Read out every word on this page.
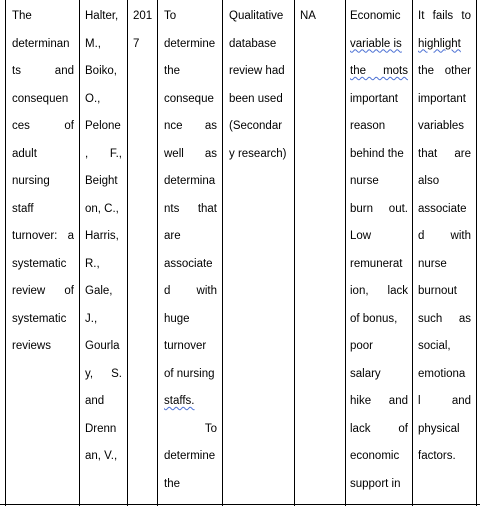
The
determinan
ts and
consequen
ces of
adult
nursing
staff
turnover: a
systematic
review of
systematic
reviews
Halter,
M.,
Boiko,
O.,
Pelone
, F.,
Beight
on, C.,
Harris,
R.,
Gale,
J.,
Gourla
y, S.
and
Drenn
an, V.,
201
7
To
determine
the
conseque
nce as
well as
determina
nts that
are
associate
d with
huge
turnover
of nursing
staffs.
To
determine
the
Qualitative
database
review had
been used
(Secondar
y research)
NA	Economic
variable is
the mots
important
reason
behind the
nurse
burn out.
Low
remunerat
ion, lack
of bonus,
poor
salary
hike and
lack of
economic
support in
It fails to
highlight
the other
important
variables
that are
also
associate
d with
nurse
burnout
such as
social,
emotiona
l and
physical
factors.
